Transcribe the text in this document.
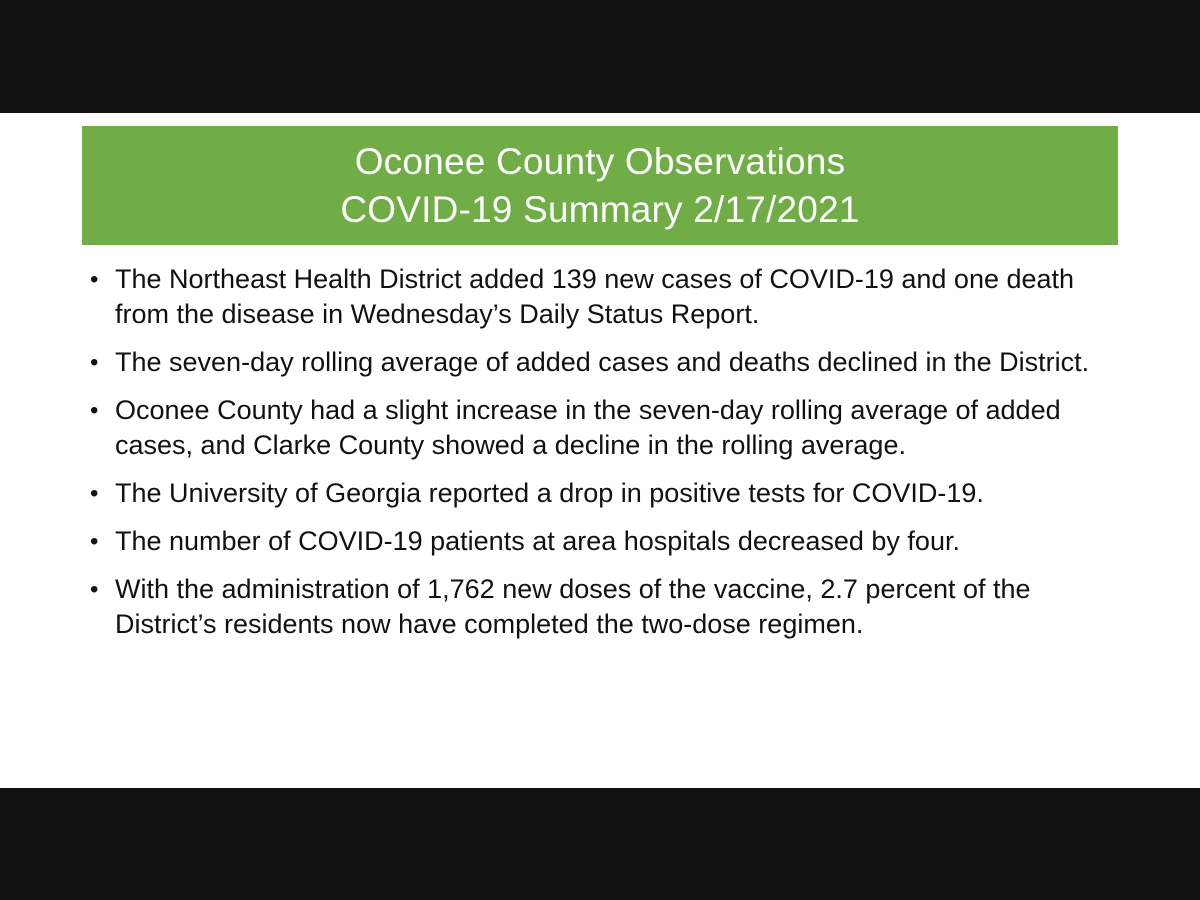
Oconee County Observations
COVID-19 Summary 2/17/2021
• The Northeast Health District added 139 new cases of COVID-19 and one death from the disease in Wednesday’s Daily Status Report.
• The seven-day rolling average of added cases and deaths declined in the District.
• Oconee County had a slight increase in the seven-day rolling average of added cases, and Clarke County showed a decline in the rolling average.
• The University of Georgia reported a drop in positive tests for COVID-19.
• The number of COVID-19 patients at area hospitals decreased by four.
• With the administration of 1,762 new doses of the vaccine, 2.7 percent of the District’s residents now have completed the two-dose regimen.
